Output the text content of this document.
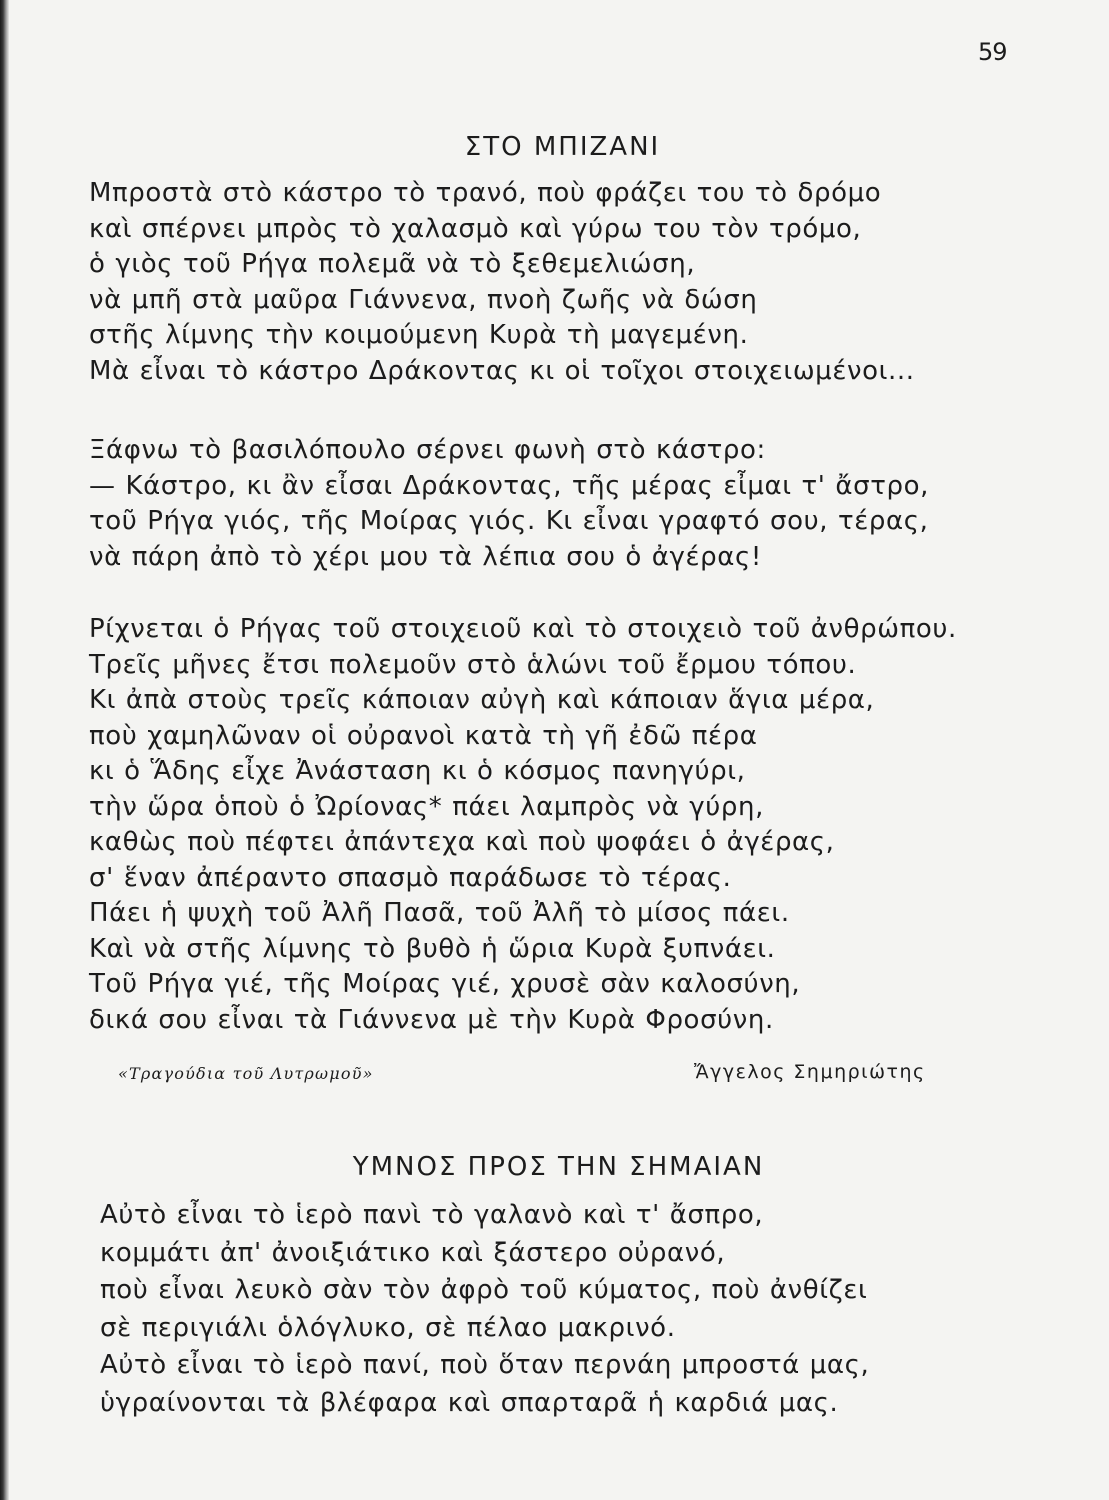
59
ΣΤΟ ΜΠΙΖΑΝΙ
Μπροστὰ στὸ κάστρο τὸ τρανό, ποὺ φράζει του τὸ δρόμο
καὶ σπέρνει μπρὸς τὸ χαλασμὸ καὶ γύρω του τὸν τρόμο,
ὁ γιὸς τοῦ Ρήγα πολεμᾶ νὰ τὸ ξεθεμελιώση,
νὰ μπῆ στὰ μαῦρα Γιάννενα, πνοὴ ζωῆς νὰ δώση
στῆς λίμνης τὴν κοιμούμενη Κυρὰ τὴ μαγεμένη.
Μὰ εἶναι τὸ κάστρο Δράκοντας κι οἱ τοῖχοι στοιχειωμένοι...
Ξάφνω τὸ βασιλόπουλο σέρνει φωνὴ στὸ κάστρο:
— Κάστρο, κι ἂν εἶσαι Δράκοντας, τῆς μέρας εἶμαι τ' ἄστρο,
τοῦ Ρήγα γιός, τῆς Μοίρας γιός. Κι εἶναι γραφτό σου, τέρας,
νὰ πάρη ἀπὸ τὸ χέρι μου τὰ λέπια σου ὁ ἀγέρας!
Ρίχνεται ὁ Ρήγας τοῦ στοιχειοῦ καὶ τὸ στοιχειὸ τοῦ ἀνθρώπου.
Τρεῖς μῆνες ἔτσι πολεμοῦν στὸ ἁλώνι τοῦ ἔρμου τόπου.
Κι ἀπὰ στοὺς τρεῖς κάποιαν αὐγὴ καὶ κάποιαν ἅγια μέρα,
ποὺ χαμηλῶναν οἱ οὐρανοὶ κατὰ τὴ γῆ ἐδῶ πέρα
κι ὁ Ἅδης εἶχε Ἀνάσταση κι ὁ κόσμος πανηγύρι,
τὴν ὥρα ὁποὺ ὁ Ὠρίονας* πάει λαμπρὸς νὰ γύρη,
καθὼς ποὺ πέφτει ἀπάντεχα καὶ ποὺ ψοφάει ὁ ἀγέρας,
σ' ἕναν ἀπέραντο σπασμὸ παράδωσε τὸ τέρας.
Πάει ἡ ψυχὴ τοῦ Ἀλῆ Πασᾶ, τοῦ Ἀλῆ τὸ μίσος πάει.
Καὶ νὰ στῆς λίμνης τὸ βυθὸ ἡ ὥρια Κυρὰ ξυπνάει.
Τοῦ Ρήγα γιέ, τῆς Μοίρας γιέ, χρυσὲ σὰν καλοσύνη,
δικά σου εἶναι τὰ Γιάννενα μὲ τὴν Κυρὰ Φροσύνη.
«Τραγούδια τοῦ Λυτρωμοῦ»	Ἄγγελος Σημηριώτης
ΥΜΝΟΣ ΠΡΟΣ ΤΗΝ ΣΗΜΑΙΑΝ
Αὐτὸ εἶναι τὸ ἱερὸ πανὶ τὸ γαλανὸ καὶ τ' ἄσπρο,
κομμάτι ἀπ' ἀνοιξιάτικο καὶ ξάστερο οὐρανό,
ποὺ εἶναι λευκὸ σὰν τὸν ἀφρὸ τοῦ κύματος, ποὺ ἀνθίζει
σὲ περιγιάλι ὁλόγλυκο, σὲ πέλαο μακρινό.
Αὐτὸ εἶναι τὸ ἱερὸ πανί, ποὺ ὅταν περνάη μπροστά μας,
ὑγραίνονται τὰ βλέφαρα καὶ σπαρταρᾶ ἡ καρδιά μας.
